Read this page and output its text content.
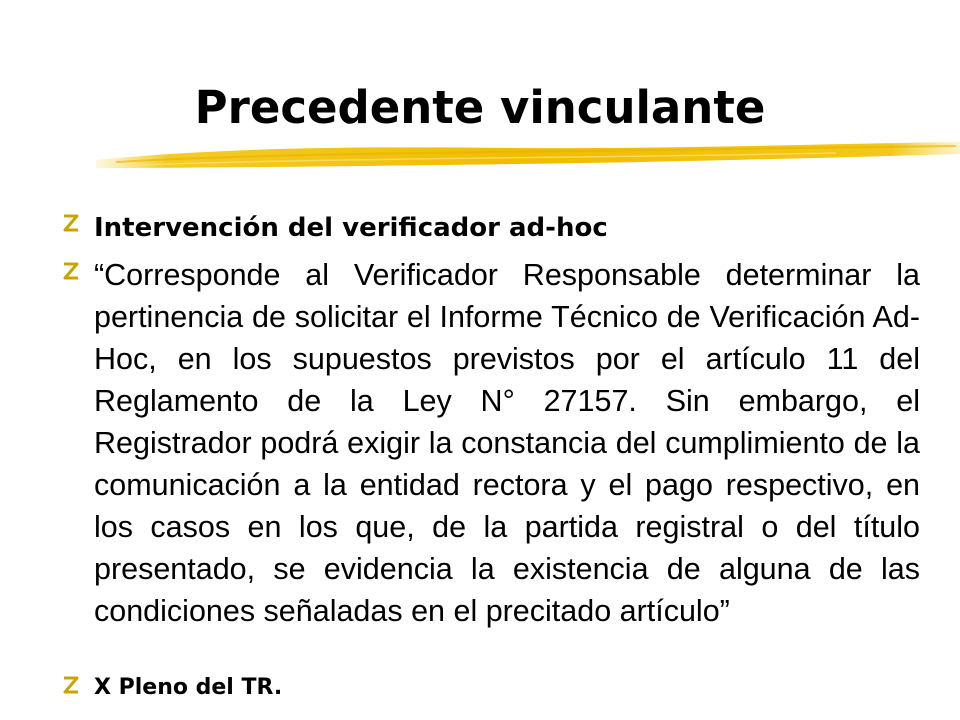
Precedente vinculante

Intervención del verificador ad-hoc

“Corresponde al Verificador Responsable determinar la pertinencia de solicitar el Informe Técnico de Verificación Ad-Hoc, en los supuestos previstos por el artículo 11 del Reglamento de la Ley N° 27157. Sin embargo, el Registrador podrá exigir la constancia del cumplimiento de la comunicación a la entidad rectora y el pago respectivo, en los casos en los que, de la partida registral o del título presentado, se evidencia la existencia de alguna de las condiciones señaladas en el precitado artículo”

X Pleno del TR.
